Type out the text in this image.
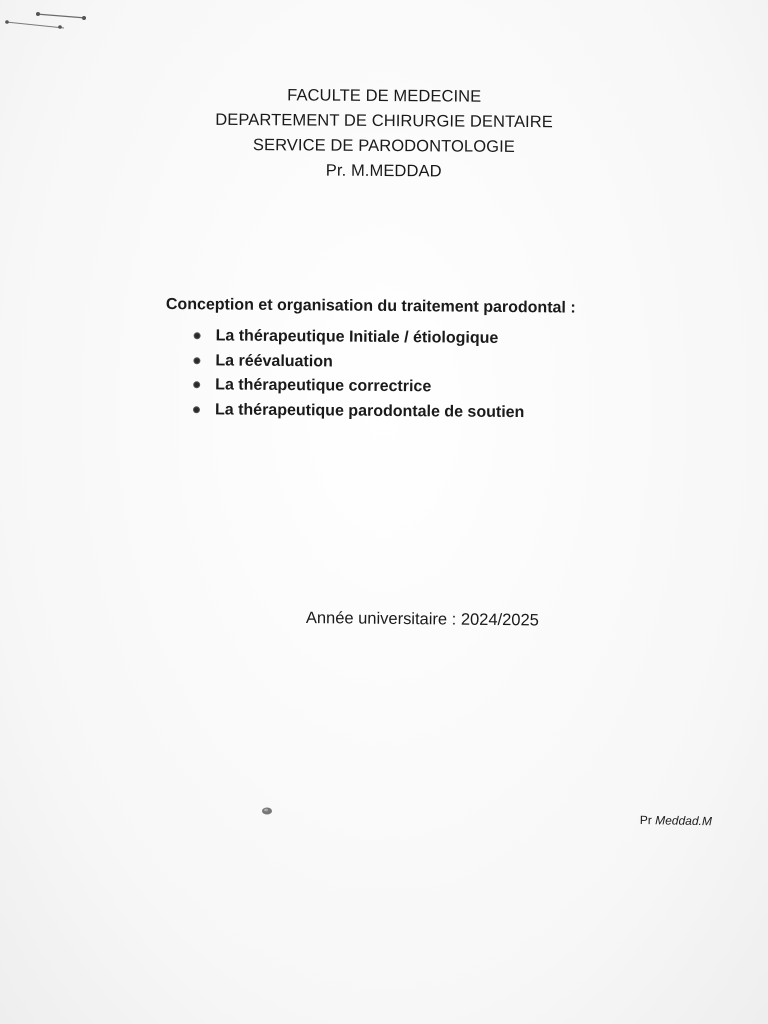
FACULTE DE MEDECINE
DEPARTEMENT DE CHIRURGIE DENTAIRE
SERVICE DE PARODONTOLOGIE
Pr. M.MEDDAD
Conception et organisation du traitement parodontal :
La thérapeutique Initiale / étiologique
La réévaluation
La thérapeutique correctrice
La thérapeutique parodontale de soutien
Année universitaire : 2024/2025
Pr Meddad.M
